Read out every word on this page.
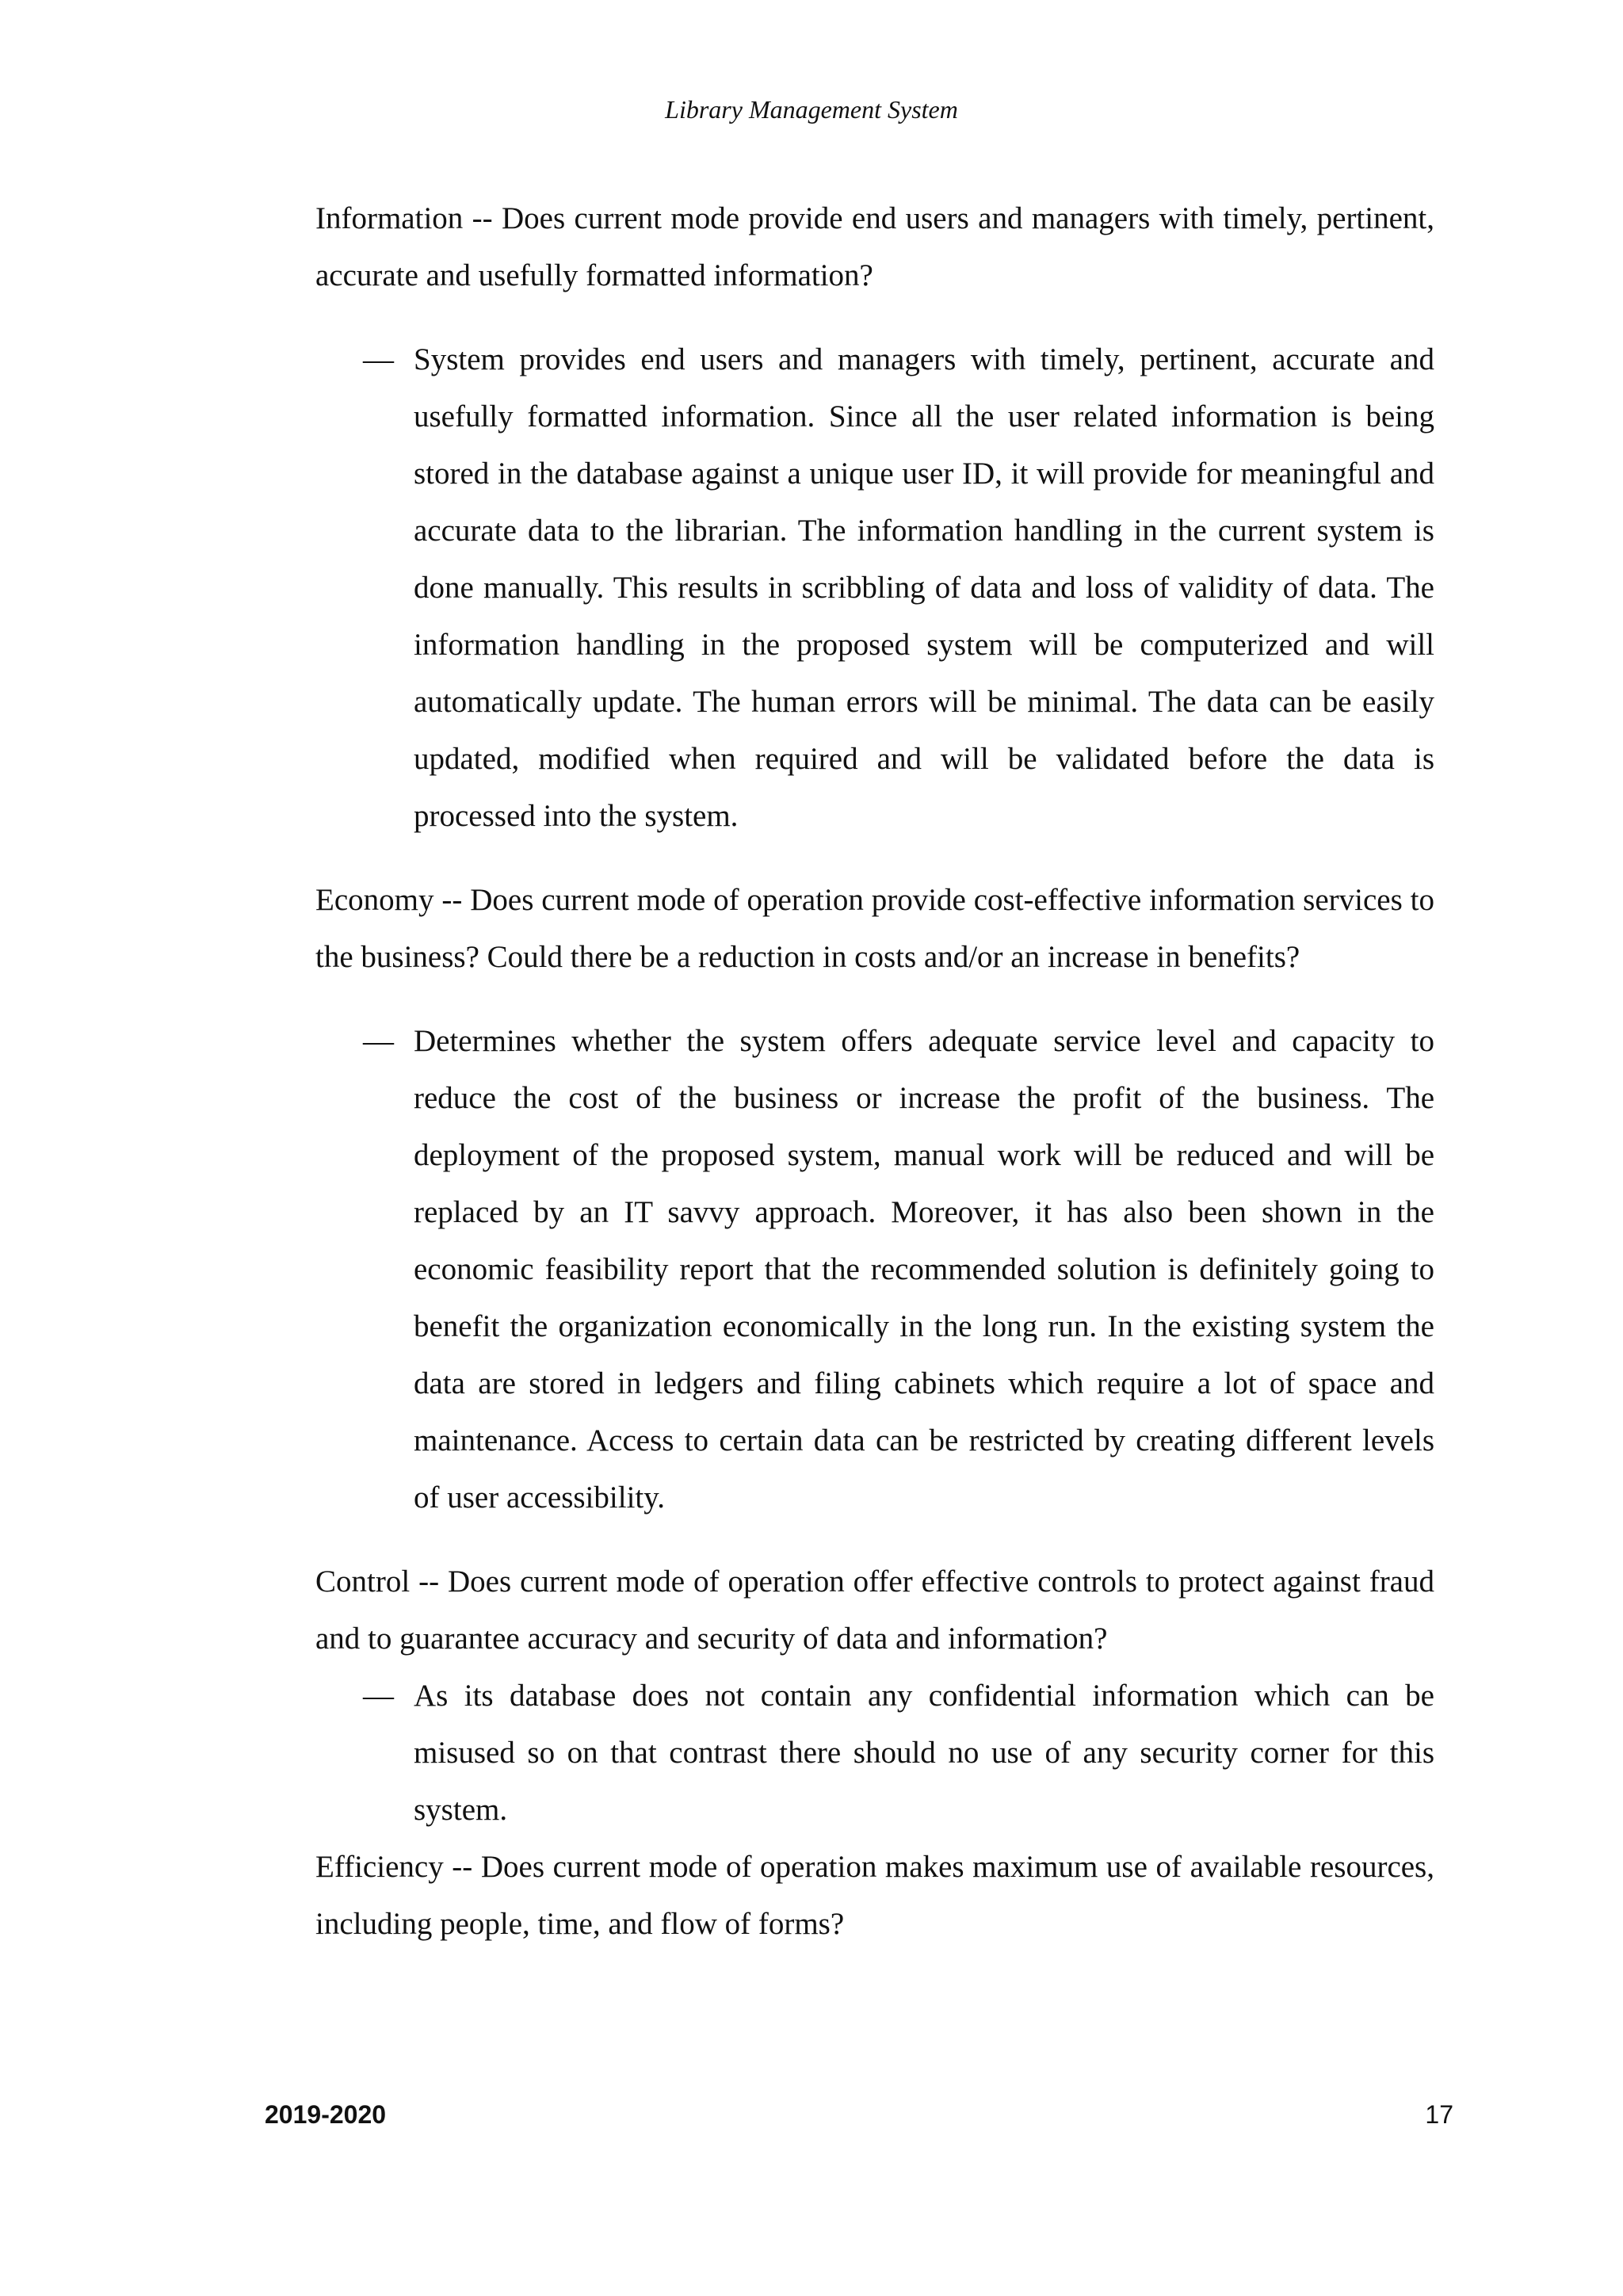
Library Management System

Information -- Does current mode provide end users and managers with timely, pertinent, accurate and usefully formatted information?

— System provides end users and managers with timely, pertinent, accurate and usefully formatted information. Since all the user related information is being stored in the database against a unique user ID, it will provide for meaningful and accurate data to the librarian. The information handling in the current system is done manually. This results in scribbling of data and loss of validity of data. The information handling in the proposed system will be computerized and will automatically update. The human errors will be minimal. The data can be easily updated, modified when required and will be validated before the data is processed into the system.

Economy -- Does current mode of operation provide cost-effective information services to the business? Could there be a reduction in costs and/or an increase in benefits?

— Determines whether the system offers adequate service level and capacity to reduce the cost of the business or increase the profit of the business. The deployment of the proposed system, manual work will be reduced and will be replaced by an IT savvy approach. Moreover, it has also been shown in the economic feasibility report that the recommended solution is definitely going to benefit the organization economically in the long run. In the existing system the data are stored in ledgers and filing cabinets which require a lot of space and maintenance. Access to certain data can be restricted by creating different levels of user accessibility.

Control -- Does current mode of operation offer effective controls to protect against fraud and to guarantee accuracy and security of data and information?

— As its database does not contain any confidential information which can be misused so on that contrast there should no use of any security corner for this system.

Efficiency -- Does current mode of operation makes maximum use of available resources, including people, time, and flow of forms?

2019-2020	17
